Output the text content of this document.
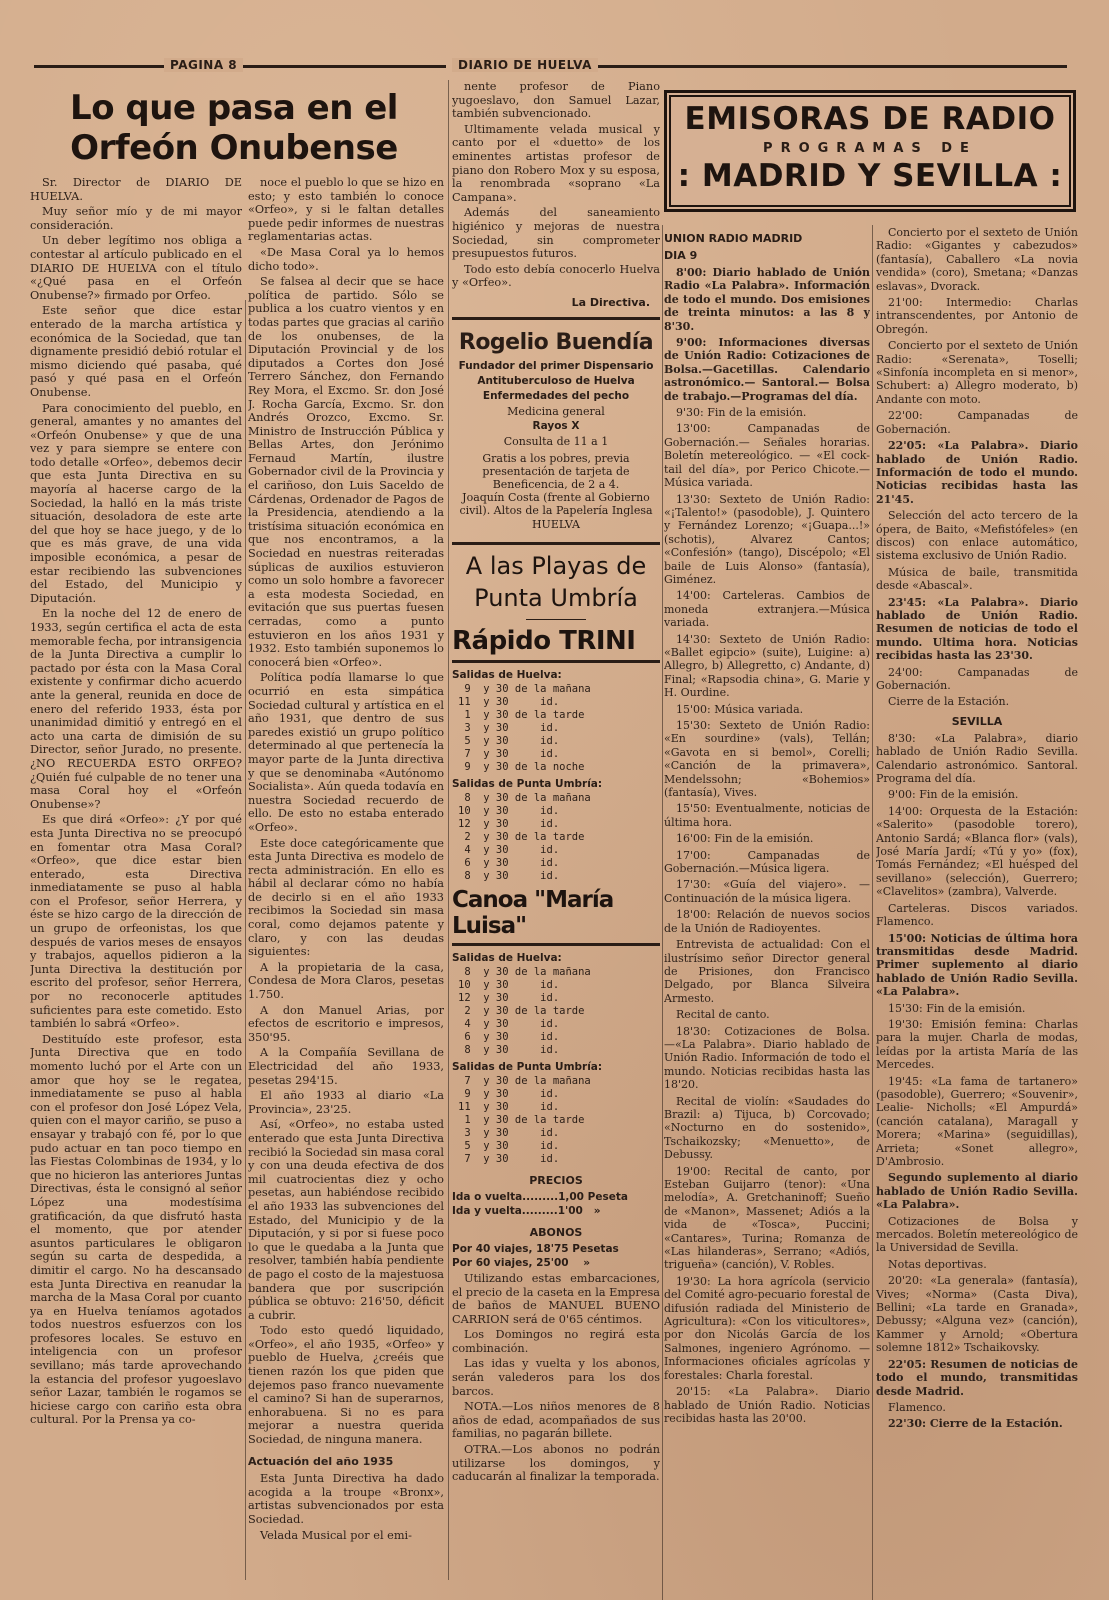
PAGINA 8	DIARIO DE HUELVA
Lo que pasa en el Orfeón Onubense

Sr. Director de DIARIO DE HUELVA.

Muy señor mío y de mi mayor consideración.

Un deber legítimo nos obliga a contestar al artículo publicado en el DIARIO DE HUELVA con el título «¿Qué pasa en el Orfeón Onubense?» firmado por Orfeo.

Este señor que dice estar enterado de la marcha artística y económica de la Sociedad, que tan dignamente presidió debió rotular el mismo diciendo qué pasaba, qué pasó y qué pasa en el Orfeón Onubense.

Para conocimiento del pueblo, en general, amantes y no amantes del «Orfeón Onubense» y que de una vez y para siempre se entere con todo detalle «Orfeo», debemos decir que esta Junta Directiva en su mayoría al hacerse cargo de la Sociedad, la halló en la más triste situación, desoladora de este arte del que hoy se hace juego, y de lo que es más grave, de una vida imposible económica, a pesar de estar recibiendo las subvenciones del Estado, del Municipio y Diputación.

En la noche del 12 de enero de 1933, según certifica el acta de esta memorable fecha, por intransigencia de la Junta Directiva a cumplir lo pactado por ésta con la Masa Coral existente y confirmar dicho acuerdo ante la general, reunida en doce de enero del referido 1933, ésta por unanimidad dimitió y entregó en el acto una carta de dimisión de su Director, señor Jurado, no presente. ¿NO RECUERDA ESTO ORFEO? ¿Quién fué culpable de no tener una masa Coral hoy el «Orfeón Onubense»?

Es que dirá «Orfeo»: ¿Y por qué esta Junta Directiva no se preocupó en fomentar otra Masa Coral? «Orfeo», que dice estar bien enterado, esta Directiva inmediatamente se puso al habla con el Profesor, señor Herrera, y éste se hizo cargo de la dirección de un grupo de orfeonistas, los que después de varios meses de ensayos y trabajos, aquellos pidieron a la Junta Directiva la destitución por escrito del profesor, señor Herrera, por no reconocerle aptitudes suficientes para este cometido. Esto también lo sabrá «Orfeo».

Destituído este profesor, esta Junta Directiva que en todo momento luchó por el Arte con un amor que hoy se le regatea, inmediatamente se puso al habla con el profesor don José López Vela, quien con el mayor cariño, se puso a ensayar y trabajó con fé, por lo que pudo actuar en tan poco tiempo en las Fiestas Colombinas de 1934, y lo que no hicieron las anteriores Juntas Directivas, ésta le consignó al señor López una modestísima gratificación, da que disfrutó hasta el momento, que por atender asuntos particulares le obligaron según su carta de despedida, a dimitir el cargo. No ha descansado esta Junta Directiva en reanudar la marcha de la Masa Coral por cuanto ya en Huelva teníamos agotados todos nuestros esfuerzos con los profesores locales. Se estuvo en inteligencia con un profesor sevillano; más tarde aprovechando la estancia del profesor yugoeslavo señor Lazar, también le rogamos se hiciese cargo con cariño esta obra cultural. Por la Prensa ya co-

noce el pueblo lo que se hizo en esto; y esto también lo conoce «Orfeo», y si le faltan detalles puede pedir informes de nuestras reglamentarias actas.

«De Masa Coral ya lo hemos dicho todo».

Se falsea al decir que se hace política de partido. Sólo se publica a los cuatro vientos y en todas partes que gracias al cariño de los onubenses, de la Diputación Provincial y de los diputados a Cortes don José Terrero Sánchez, don Fernando Rey Mora, el Excmo. Sr. don José J. Rocha García, Excmo. Sr. don Andrés Orozco, Excmo. Sr. Ministro de Instrucción Pública y Bellas Artes, don Jerónimo Fernaud Martín, ilustre Gobernador civil de la Provincia y el cariñoso, don Luis Saceldo de Cárdenas, Ordenador de Pagos de la Presidencia, atendiendo a la tristísima situación económica en que nos encontramos, a la Sociedad en nuestras reiteradas súplicas de auxilios estuvieron como un solo hombre a favorecer a esta modesta Sociedad, en evitación que sus puertas fuesen cerradas, como a punto estuvieron en los años 1931 y 1932. Esto también suponemos lo conocerá bien «Orfeo».

Política podía llamarse lo que ocurrió en esta simpática Sociedad cultural y artística en el año 1931, que dentro de sus paredes existió un grupo político determinado al que pertenecía la mayor parte de la Junta directiva y que se denominaba «Autónomo Socialista». Aún queda todavía en nuestra Sociedad recuerdo de ello. De esto no estaba enterado «Orfeo».

Este doce categóricamente que esta Junta Directiva es modelo de recta administración. En ello es hábil al declarar cómo no había de decirlo si en el año 1933 recibimos la Sociedad sin masa coral, como dejamos patente y claro, y con las deudas siguientes:

A la propietaria de la casa, Condesa de Mora Claros, pesetas 1.750.

A don Manuel Arias, por efectos de escritorio e impresos, 350'95.

A la Compañía Sevillana de Electricidad del año 1933, pesetas 294'15.

El año 1933 al diario «La Provincia», 23'25.

Así, «Orfeo», no estaba usted enterado que esta Junta Directiva recibió la Sociedad sin masa coral y con una deuda efectiva de dos mil cuatrocientas diez y ocho pesetas, aun habiéndose recibido el año 1933 las subvenciones del Estado, del Municipio y de la Diputación, y si por si fuese poco lo que le quedaba a la Junta que resolver, también había pendiente de pago el costo de la majestuosa bandera que por suscripción pública se obtuvo: 216'50, déficit a cubrir.

Todo esto quedó liquidado, «Orfeo», el año 1935, «Orfeo» y pueblo de Huelva, ¿creéis que tienen razón los que piden que dejemos paso franco nuevamente el camino? Si han de superarnos, enhorabuena. Si no es para mejorar a nuestra querida Sociedad, de ninguna manera.

Actuación del año 1935

Esta Junta Directiva ha dado acogida a la troupe «Bronx», artistas subvencionados por esta Sociedad.

Velada Musical por el emi-

nente profesor de Piano yugoeslavo, don Samuel Lazar, también subvencionado.

Ultimamente velada musical y canto por el «duetto» de los eminentes artistas profesor de piano don Robero Mox y su esposa, la renombrada «soprano «La Campana».

Además del saneamiento higiénico y mejoras de nuestra Sociedad, sin comprometer presupuestos futuros.

Todo esto debía conocerlo Huelva y «Orfeo».

La Directiva.
Rogelio Buendía
Fundador del primer Dispensario Antituberculoso de Huelva
Enfermedades del pecho
Medicina general
Rayos X
Consulta de 11 a 1
Gratis a los pobres, previa presentación de tarjeta de Beneficencia, de 2 a 4.
Joaquín Costa (frente al Gobierno civil). Altos de la Papelería Inglesa
HUELVA
A las Playas de
Punta Umbría
Rápido TRINI
Salidas de Huelva:
9  y 30 de la mañana
11  y 30     id.
1  y 30 de la tarde
3  y 30     id.
5  y 30     id.
7  y 30     id.
9  y 30 de la noche
Salidas de Punta Umbría:
8  y 30 de la mañana
10  y 30     id.
12  y 30     id.
2  y 30 de la tarde
4  y 30     id.
6  y 30     id.
8  y 30     id.
Canoa "María Luisa"
Salidas de Huelva:
8  y 30 de la mañana
10  y 30     id.
12  y 30     id.
2  y 30 de la tarde
4  y 30     id.
6  y 30     id.
8  y 30     id.
Salidas de Punta Umbría:
7  y 30 de la mañana
9  y 30     id.
11  y 30     id.
1  y 30 de la tarde
3  y 30     id.
5  y 30     id.
7  y 30     id.
PRECIOS
Ida o vuelta.........1,00 Peseta
Ida y vuelta.........1'00   »
ABONOS
Por 40 viajes, 18'75 Pesetas
Por 60 viajes, 25'00    »

Utilizando estas embarcaciones, el precio de la caseta en la Empresa de baños de MANUEL BUENO CARRION será de 0'65 céntimos.

Los Domingos no regirá esta combinación.

Las idas y vuelta y los abonos, serán valederos para los dos barcos.

NOTA.—Los niños menores de 8 años de edad, acompañados de sus familias, no pagarán billete.

OTRA.—Los abonos no podrán utilizarse los domingos, y caducarán al finalizar la temporada.

EMISORAS DE RADIO
PROGRAMAS DE
: MADRID Y SEVILLA :
UNION RADIO MADRID
DIA 9
8'00: Diario hablado de Unión Radio «La Palabra». Información de todo el mundo. Dos emisiones de treinta minutos: a las 8 y 8'30.
9'00: Informaciones diversas de Unión Radio: Cotizaciones de Bolsa.—Gacetillas. Calendario astronómico.— Santoral.— Bolsa de trabajo.—Programas del día.
9'30: Fin de la emisión.
13'00: Campanadas de Gobernación.— Señales horarias. Boletín metereológico. — «El cock-tail del día», por Perico Chicote.—Música variada.
13'30: Sexteto de Unión Radio: «¡Talento!» (pasodoble), J. Quintero y Fernández Lorenzo; «¡Guapa...!» (schotis), Alvarez Cantos; «Confesión» (tango), Discépolo; «El baile de Luis Alonso» (fantasía), Giménez.
14'00: Carteleras. Cambios de moneda extranjera.—Música variada.
14'30: Sexteto de Unión Radio: «Ballet egipcio» (suite), Luigine: a) Allegro, b) Allegretto, c) Andante, d) Final; «Rapsodia china», G. Marie y H. Ourdine.
15'00: Música variada.
15'30: Sexteto de Unión Radio: «En sourdine» (vals), Tellán; «Gavota en si bemol», Corelli; «Canción de la primavera», Mendelssohn; «Bohemios» (fantasía), Vives.
15'50: Eventualmente, noticias de última hora.
16'00: Fin de la emisión.
17'00: Campanadas de Gobernación.—Música ligera.
17'30: «Guía del viajero». — Continuación de la música ligera.
18'00: Relación de nuevos socios de la Unión de Radioyentes.
Entrevista de actualidad: Con el ilustrísimo señor Director general de Prisiones, don Francisco Delgado, por Blanca Silveira Armesto.
Recital de canto.
18'30: Cotizaciones de Bolsa.—«La Palabra». Diario hablado de Unión Radio. Información de todo el mundo. Noticias recibidas hasta las 18'20.
Recital de violín: «Saudades do Brazil: a) Tijuca, b) Corcovado; «Nocturno en do sostenido», Tschaikozsky; «Menuetto», de Debussy.
19'00: Recital de canto, por Esteban Guijarro (tenor): «Una melodía», A. Gretchaninoff; Sueño de «Manon», Massenet; Adiós a la vida de «Tosca», Puccini; «Cantares», Turina; Romanza de «Las hilanderas», Serrano; «Adiós, trigueña» (canción), V. Robles.
19'30: La hora agrícola (servicio del Comité agro-pecuario forestal de difusión radiada del Ministerio de Agricultura): «Con los viticultores», por don Nicolás García de los Salmones, ingeniero Agrónomo. — Informaciones oficiales agrícolas y forestales: Charla forestal.
20'15: «La Palabra». Diario hablado de Unión Radio. Noticias recibidas hasta las 20'00.
Concierto por el sexteto de Unión Radio: «Gigantes y cabezudos» (fantasía), Caballero «La novia vendida» (coro), Smetana; «Danzas eslavas», Dvorack.
21'00: Intermedio: Charlas intranscendentes, por Antonio de Obregón.
Concierto por el sexteto de Unión Radio: «Serenata», Toselli; «Sinfonía incompleta en si menor», Schubert: a) Allegro moderato, b) Andante con moto.
22'00: Campanadas de Gobernación.
22'05: «La Palabra». Diario hablado de Unión Radio. Información de todo el mundo. Noticias recibidas hasta las 21'45.
Selección del acto tercero de la ópera, de Baito, «Mefistófeles» (en discos) con enlace automático, sistema exclusivo de Unión Radio.
Música de baile, transmitida desde «Abascal».
23'45: «La Palabra». Diario hablado de Unión Radio. Resumen de noticias de todo el mundo. Ultima hora. Noticias recibidas hasta las 23'30.
24'00: Campanadas de Gobernación.
Cierre de la Estación.
SEVILLA
8'30: «La Palabra», diario hablado de Unión Radio Sevilla. Calendario astronómico. Santoral. Programa del día.
9'00: Fin de la emisión.
14'00: Orquesta de la Estación: «Salerito» (pasodoble torero), Antonio Sardá; «Blanca flor» (vals), José María Jardí; «Tú y yo» (fox), Tomás Fernández; «El huésped del sevillano» (selección), Guerrero; «Clavelitos» (zambra), Valverde.
Carteleras. Discos variados. Flamenco.
15'00: Noticias de última hora transmitidas desde Madrid. Primer suplemento al diario hablado de Unión Radio Sevilla. «La Palabra».
15'30: Fin de la emisión.
19'30: Emisión femina: Charlas para la mujer. Charla de modas, leídas por la artista María de las Mercedes.
19'45: «La fama de tartanero» (pasodoble), Guerrero; «Souvenir», Lealie- Nicholls; «El Ampurdá» (canción catalana), Maragall y Morera; «Marina» (seguidillas), Arrieta; «Sonet allegro», D'Ambrosio.
Segundo suplemento al diario hablado de Unión Radio Sevilla. «La Palabra».
Cotizaciones de Bolsa y mercados. Boletín metereológico de la Universidad de Sevilla.
Notas deportivas.
20'20: «La generala» (fantasía), Vives; «Norma» (Casta Diva), Bellini; «La tarde en Granada», Debussy; «Alguna vez» (canción), Kammer y Arnold; «Obertura solemne 1812» Tschaikovsky.
22'05: Resumen de noticias de todo el mundo, transmitidas desde Madrid.
Flamenco.
22'30: Cierre de la Estación.
